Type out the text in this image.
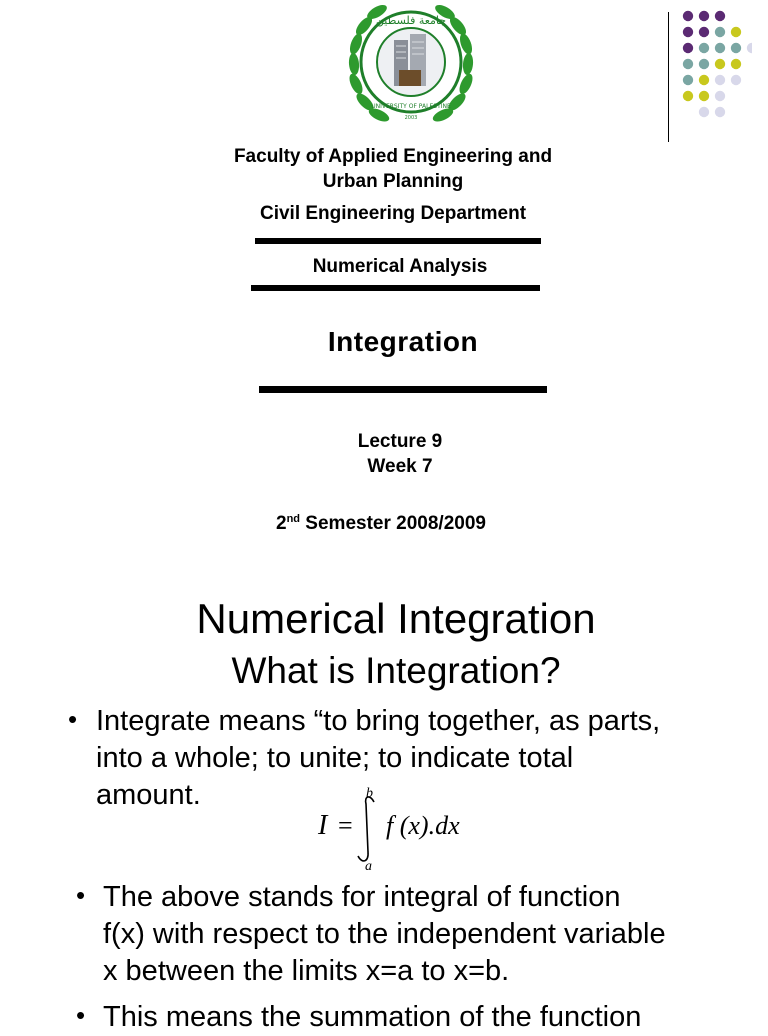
جامعة فلسطين
UNIVERSITY OF PALESTINE
2003
Faculty of Applied Engineering and
Urban Planning
Civil Engineering Department
Numerical Analysis
Integration
Lecture 9
Week 7
2nd Semester 2008/2009
Numerical Integration
What is Integration?
• Integrate means “to bring together, as parts,
into a whole; to unite; to indicate total
amount.
I =
b
a
f (x).dx
• The above stands for integral of function
f(x) with respect to the independent variable
x between the limits x=a to x=b.
• This means the summation of the function
